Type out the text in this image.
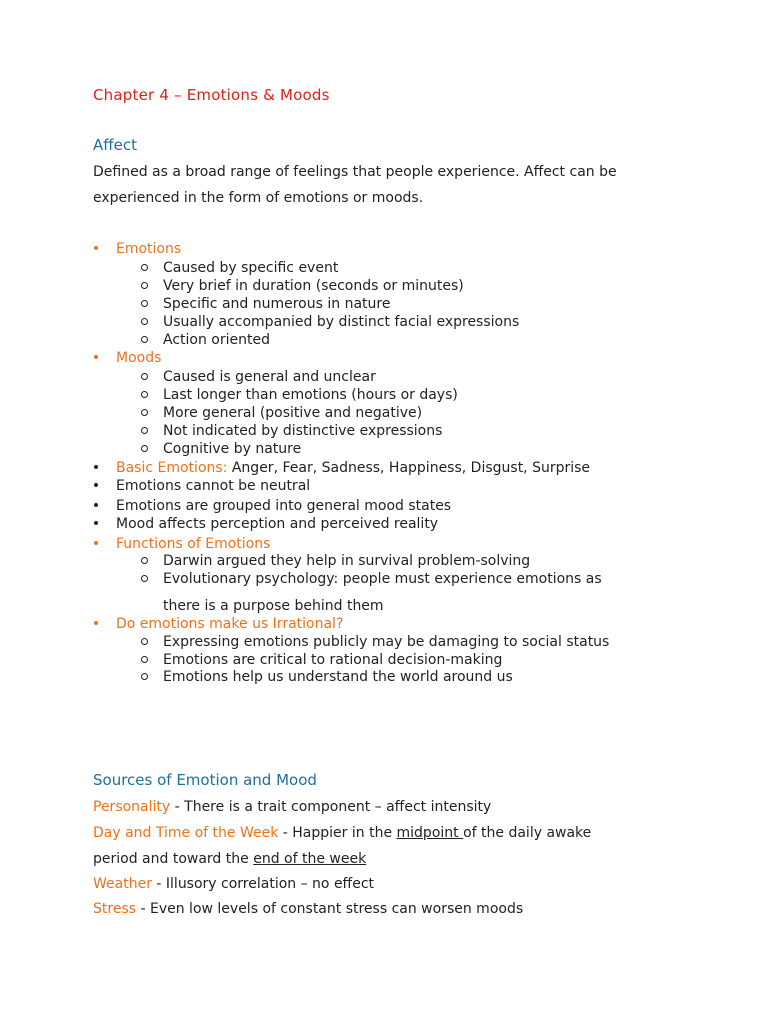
Chapter 4 – Emotions & Moods
Affect
Defined as a broad range of feelings that people experience. Affect can be
experienced in the form of emotions or moods.
• Emotions
Caused by specific event
Very brief in duration (seconds or minutes)
Specific and numerous in nature
Usually accompanied by distinct facial expressions
Action oriented
• Moods
Caused is general and unclear
Last longer than emotions (hours or days)
More general (positive and negative)
Not indicated by distinctive expressions
Cognitive by nature
• Basic Emotions: Anger, Fear, Sadness, Happiness, Disgust, Surprise
• Emotions cannot be neutral
• Emotions are grouped into general mood states
• Mood affects perception and perceived reality
• Functions of Emotions
Darwin argued they help in survival problem-solving
Evolutionary psychology: people must experience emotions as
there is a purpose behind them
• Do emotions make us Irrational?
Expressing emotions publicly may be damaging to social status
Emotions are critical to rational decision-making
Emotions help us understand the world around us
Sources of Emotion and Mood
Personality - There is a trait component – affect intensity
Day and Time of the Week - Happier in the midpoint of the daily awake
period and toward the end of the week
Weather - Illusory correlation – no effect
Stress - Even low levels of constant stress can worsen moods
